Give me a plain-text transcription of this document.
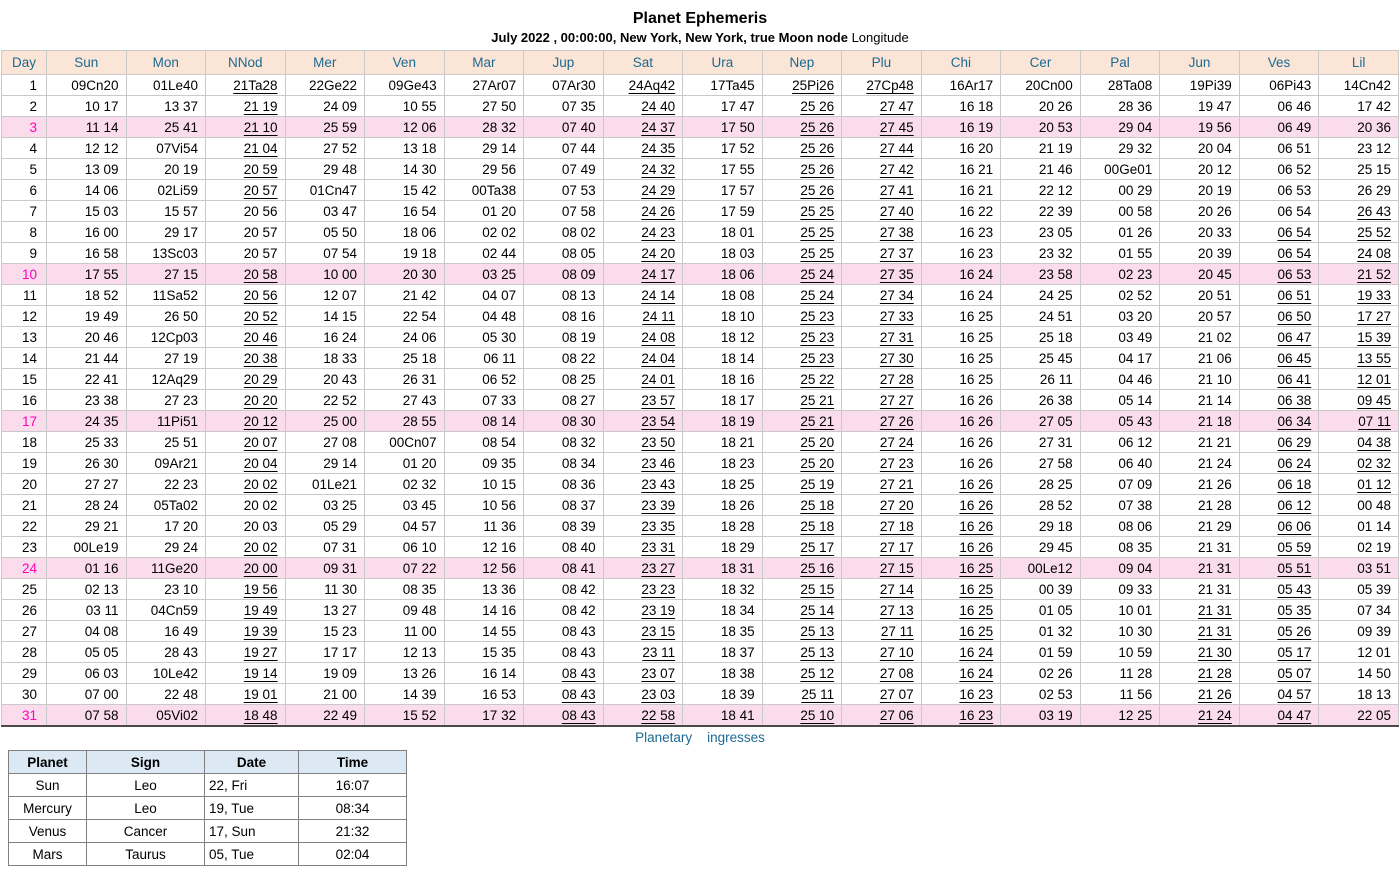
Planet Ephemeris
July 2022 , 00:00:00, New York, New York, true Moon node Longitude
Day	Sun	Mon	NNod	Mer	Ven	Mar	Jup	Sat	Ura	Nep	Plu	Chi	Cer	Pal	Jun	Ves	Lil
1	09Cn20	01Le40	21Ta28	22Ge22	09Ge43	27Ar07	07Ar30	24Aq42	17Ta45	25Pi26	27Cp48	16Ar17	20Cn00	28Ta08	19Pi39	06Pi43	14Cn42
2	10 17	13 37	21 19	24 09	10 55	27 50	07 35	24 40	17 47	25 26	27 47	16 18	20 26	28 36	19 47	06 46	17 42
3	11 14	25 41	21 10	25 59	12 06	28 32	07 40	24 37	17 50	25 26	27 45	16 19	20 53	29 04	19 56	06 49	20 36
4	12 12	07Vi54	21 04	27 52	13 18	29 14	07 44	24 35	17 52	25 26	27 44	16 20	21 19	29 32	20 04	06 51	23 12
5	13 09	20 19	20 59	29 48	14 30	29 56	07 49	24 32	17 55	25 26	27 42	16 21	21 46	00Ge01	20 12	06 52	25 15
6	14 06	02Li59	20 57	01Cn47	15 42	00Ta38	07 53	24 29	17 57	25 26	27 41	16 21	22 12	00 29	20 19	06 53	26 29
7	15 03	15 57	20 56	03 47	16 54	01 20	07 58	24 26	17 59	25 25	27 40	16 22	22 39	00 58	20 26	06 54	26 43
8	16 00	29 17	20 57	05 50	18 06	02 02	08 02	24 23	18 01	25 25	27 38	16 23	23 05	01 26	20 33	06 54	25 52
9	16 58	13Sc03	20 57	07 54	19 18	02 44	08 05	24 20	18 03	25 25	27 37	16 23	23 32	01 55	20 39	06 54	24 08
10	17 55	27 15	20 58	10 00	20 30	03 25	08 09	24 17	18 06	25 24	27 35	16 24	23 58	02 23	20 45	06 53	21 52
11	18 52	11Sa52	20 56	12 07	21 42	04 07	08 13	24 14	18 08	25 24	27 34	16 24	24 25	02 52	20 51	06 51	19 33
12	19 49	26 50	20 52	14 15	22 54	04 48	08 16	24 11	18 10	25 23	27 33	16 25	24 51	03 20	20 57	06 50	17 27
13	20 46	12Cp03	20 46	16 24	24 06	05 30	08 19	24 08	18 12	25 23	27 31	16 25	25 18	03 49	21 02	06 47	15 39
14	21 44	27 19	20 38	18 33	25 18	06 11	08 22	24 04	18 14	25 23	27 30	16 25	25 45	04 17	21 06	06 45	13 55
15	22 41	12Aq29	20 29	20 43	26 31	06 52	08 25	24 01	18 16	25 22	27 28	16 25	26 11	04 46	21 10	06 41	12 01
16	23 38	27 23	20 20	22 52	27 43	07 33	08 27	23 57	18 17	25 21	27 27	16 26	26 38	05 14	21 14	06 38	09 45
17	24 35	11Pi51	20 12	25 00	28 55	08 14	08 30	23 54	18 19	25 21	27 26	16 26	27 05	05 43	21 18	06 34	07 11
18	25 33	25 51	20 07	27 08	00Cn07	08 54	08 32	23 50	18 21	25 20	27 24	16 26	27 31	06 12	21 21	06 29	04 38
19	26 30	09Ar21	20 04	29 14	01 20	09 35	08 34	23 46	18 23	25 20	27 23	16 26	27 58	06 40	21 24	06 24	02 32
20	27 27	22 23	20 02	01Le21	02 32	10 15	08 36	23 43	18 25	25 19	27 21	16 26	28 25	07 09	21 26	06 18	01 12
21	28 24	05Ta02	20 02	03 25	03 45	10 56	08 37	23 39	18 26	25 18	27 20	16 26	28 52	07 38	21 28	06 12	00 48
22	29 21	17 20	20 03	05 29	04 57	11 36	08 39	23 35	18 28	25 18	27 18	16 26	29 18	08 06	21 29	06 06	01 14
23	00Le19	29 24	20 02	07 31	06 10	12 16	08 40	23 31	18 29	25 17	27 17	16 26	29 45	08 35	21 31	05 59	02 19
24	01 16	11Ge20	20 00	09 31	07 22	12 56	08 41	23 27	18 31	25 16	27 15	16 25	00Le12	09 04	21 31	05 51	03 51
25	02 13	23 10	19 56	11 30	08 35	13 36	08 42	23 23	18 32	25 15	27 14	16 25	00 39	09 33	21 31	05 43	05 39
26	03 11	04Cn59	19 49	13 27	09 48	14 16	08 42	23 19	18 34	25 14	27 13	16 25	01 05	10 01	21 31	05 35	07 34
27	04 08	16 49	19 39	15 23	11 00	14 55	08 43	23 15	18 35	25 13	27 11	16 25	01 32	10 30	21 31	05 26	09 39
28	05 05	28 43	19 27	17 17	12 13	15 35	08 43	23 11	18 37	25 13	27 10	16 24	01 59	10 59	21 30	05 17	12 01
29	06 03	10Le42	19 14	19 09	13 26	16 14	08 43	23 07	18 38	25 12	27 08	16 24	02 26	11 28	21 28	05 07	14 50
30	07 00	22 48	19 01	21 00	14 39	16 53	08 43	23 03	18 39	25 11	27 07	16 23	02 53	11 56	21 26	04 57	18 13
31	07 58	05Vi02	18 48	22 49	15 52	17 32	08 43	22 58	18 41	25 10	27 06	16 23	03 19	12 25	21 24	04 47	22 05
Planetary    ingresses
Planet	Sign	Date	Time
Sun	Leo	22, Fri	16:07
Mercury	Leo	19, Tue	08:34
Venus	Cancer	17, Sun	21:32
Mars	Taurus	05, Tue	02:04
